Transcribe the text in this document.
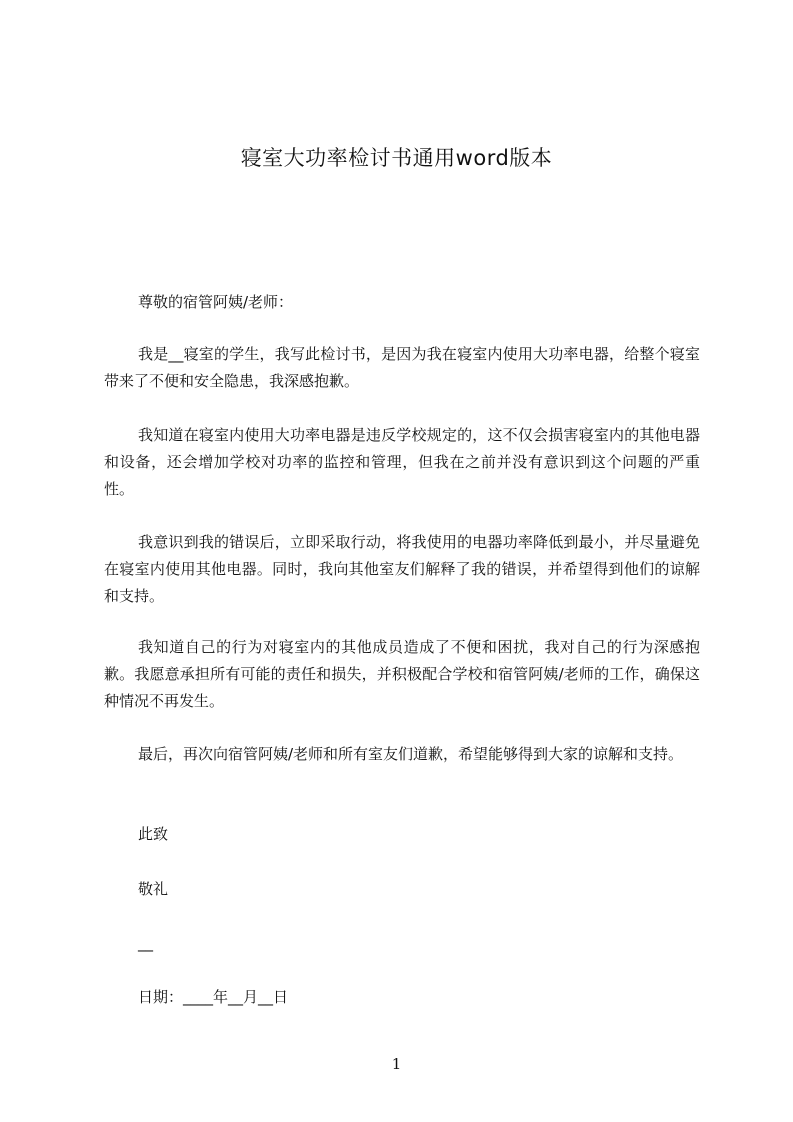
寝室大功率检讨书通用word版本

尊敬的宿管阿姨/老师：

我是__寝室的学生，我写此检讨书，是因为我在寝室内使用大功率电器，给整个寝室带来了不便和安全隐患，我深感抱歉。

我知道在寝室内使用大功率电器是违反学校规定的，这不仅会损害寝室内的其他电器和设备，还会增加学校对功率的监控和管理，但我在之前并没有意识到这个问题的严重性。

我意识到我的错误后，立即采取行动，将我使用的电器功率降低到最小，并尽量避免在寝室内使用其他电器。同时，我向其他室友们解释了我的错误，并希望得到他们的谅解和支持。

我知道自己的行为对寝室内的其他成员造成了不便和困扰，我对自己的行为深感抱歉。我愿意承担所有可能的责任和损失，并积极配合学校和宿管阿姨/老师的工作，确保这种情况不再发生。

最后，再次向宿管阿姨/老师和所有室友们道歉，希望能够得到大家的谅解和支持。

此致

敬礼

__

日期：____年__月__日

1
